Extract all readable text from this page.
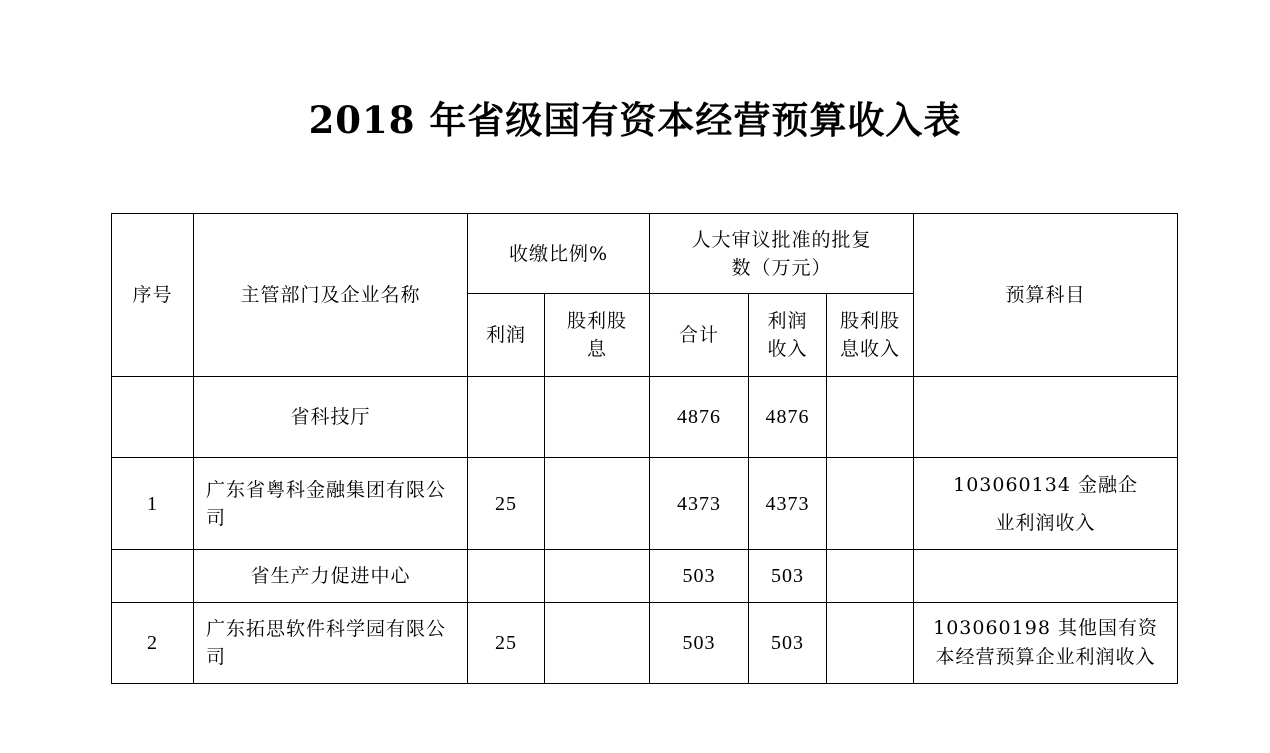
2018 年省级国有资本经营预算收入表
序号	主管部门及企业名称	收缴比例%		人大审议批准的批复数（万元）			预算科目
		利润	股利股息	合计	利润收入	股利股息收入	
	省科技厅			4876	4876		
1	广东省粤科金融集团有限公司	25		4373	4373		103060134 金融企业利润收入
	省生产力促进中心			503	503		
2	广东拓思软件科学园有限公司	25		503	503		103060198 其他国有资本经营预算企业利润收入
